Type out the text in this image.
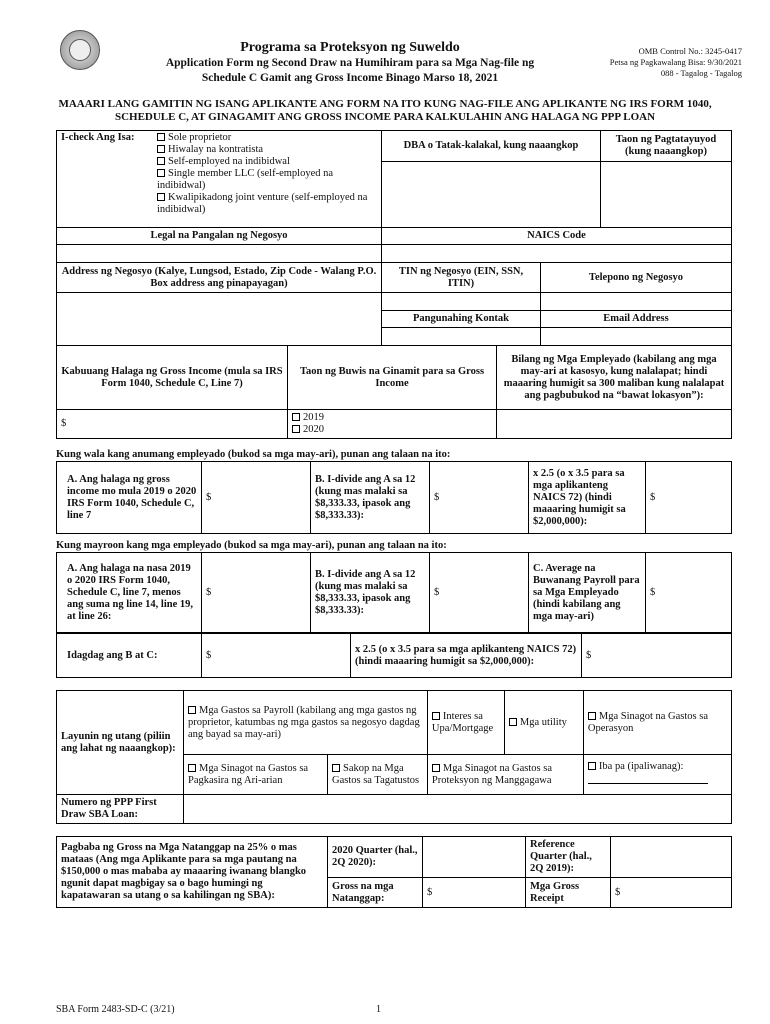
Programa sa Proteksyon ng Suweldo
Application Form ng Second Draw na Humihiram para sa Mga Nag-file ng
Schedule C Gamit ang Gross Income Binago Marso 18, 2021
OMB Control No.: 3245-0417
Petsa ng Pagkawalang Bisa: 9/30/2021
088 - Tagalog - Tagalog
MAAARI LANG GAMITIN NG ISANG APLIKANTE ANG FORM NA ITO KUNG NAG-FILE ANG APLIKANTE NG IRS FORM 1040,
SCHEDULE C, AT GINAGAMIT ANG GROSS INCOME PARA KALKULAHIN ANG HALAGA NG PPP LOAN
I-check Ang Isa:	Sole proprietor
Hiwalay na kontratista
Self-employed na indibidwal
Single member LLC (self-employed na indibidwal)
Kwalipikadong joint venture (self-employed na indibidwal)

DBA o Tatak-kalakal, kung naaangkop	Taon ng Pagtatayuyod (kung naaangkop)

Legal na Pangalan ng Negosyo	NAICS Code

Address ng Negosyo (Kalye, Lungsod, Estado, Zip Code - Walang P.O. Box address ang pinapayagan)	TIN ng Negosyo (EIN, SSN, ITIN)	Telepono ng Negosyo

Pangunahing Kontak	Email Address

Kabuuang Halaga ng Gross Income (mula sa IRS Form 1040, Schedule C, Line 7)	Taon ng Buwis na Ginamit para sa Gross Income	Bilang ng Mga Empleyado (kabilang ang mga may-ari at kasosyo, kung nalalapat; hindi maaaring humigit sa 300 maliban kung nalalapat ang pagbubukod na “bawat lokasyon”):
$	2019
2020	

Kung wala kang anumang empleyado (bukod sa mga may-ari), punan ang talaan na ito:
A. Ang halaga ng gross income mo mula 2019 o 2020 IRS Form 1040, Schedule C, line 7	$	B. I-divide ang A sa 12 (kung mas malaki sa $8,333.33, ipasok ang $8,333.33):	$	x 2.5 (o x 3.5 para sa mga aplikanteng NAICS 72) (hindi maaaring humigit sa $2,000,000):	$
Kung mayroon kang mga empleyado (bukod sa mga may-ari), punan ang talaan na ito:
A. Ang halaga na nasa 2019 o 2020 IRS Form 1040, Schedule C, line 7, menos ang suma ng line 14, line 19, at line 26:	$	B. I-divide ang A sa 12 (kung mas malaki sa $8,333.33, ipasok ang $8,333.33):	$	C. Average na Buwanang Payroll para sa Mga Empleyado (hindi kabilang ang mga may-ari)	$
Idagdag ang B at C:	$	x 2.5 (o x 3.5 para sa mga aplikanteng NAICS 72) (hindi maaaring humigit sa $2,000,000):	$
Layunin ng utang (piliin ang lahat ng naaangkop):	Mga Gastos sa Payroll (kabilang ang mga gastos ng proprietor, katumbas ng mga gastos sa negosyo dagdag ang bayad sa may-ari)		Interes sa Upa/Mortgage	Mga utility	Mga Sinagot na Gastos sa Operasyon
	Mga Sinagot na Gastos sa Pagkasira ng Ari-arian	Sakop na Mga Gastos sa Tagatustos	Mga Sinagot na Gastos sa Proteksyon ng Manggagawa		Iba pa (ipaliwanag):

Numero ng PPP First Draw SBA Loan:					
Pagbaba ng Gross na Mga Natanggap na 25% o mas mataas (Ang mga Aplikante para sa mga pautang na $150,000 o mas mababa ay maaaring iwanang blangko ngunit dapat magbigay sa o bago humingi ng kapatawaran sa utang o sa kahilingan ng SBA):	2020 Quarter (hal., 2Q 2020):		Reference Quarter (hal., 2Q 2019):	
	Gross na mga Natanggap:	$	Mga Gross Receipt	$
SBA Form 2483-SD-C (3/21)	1
